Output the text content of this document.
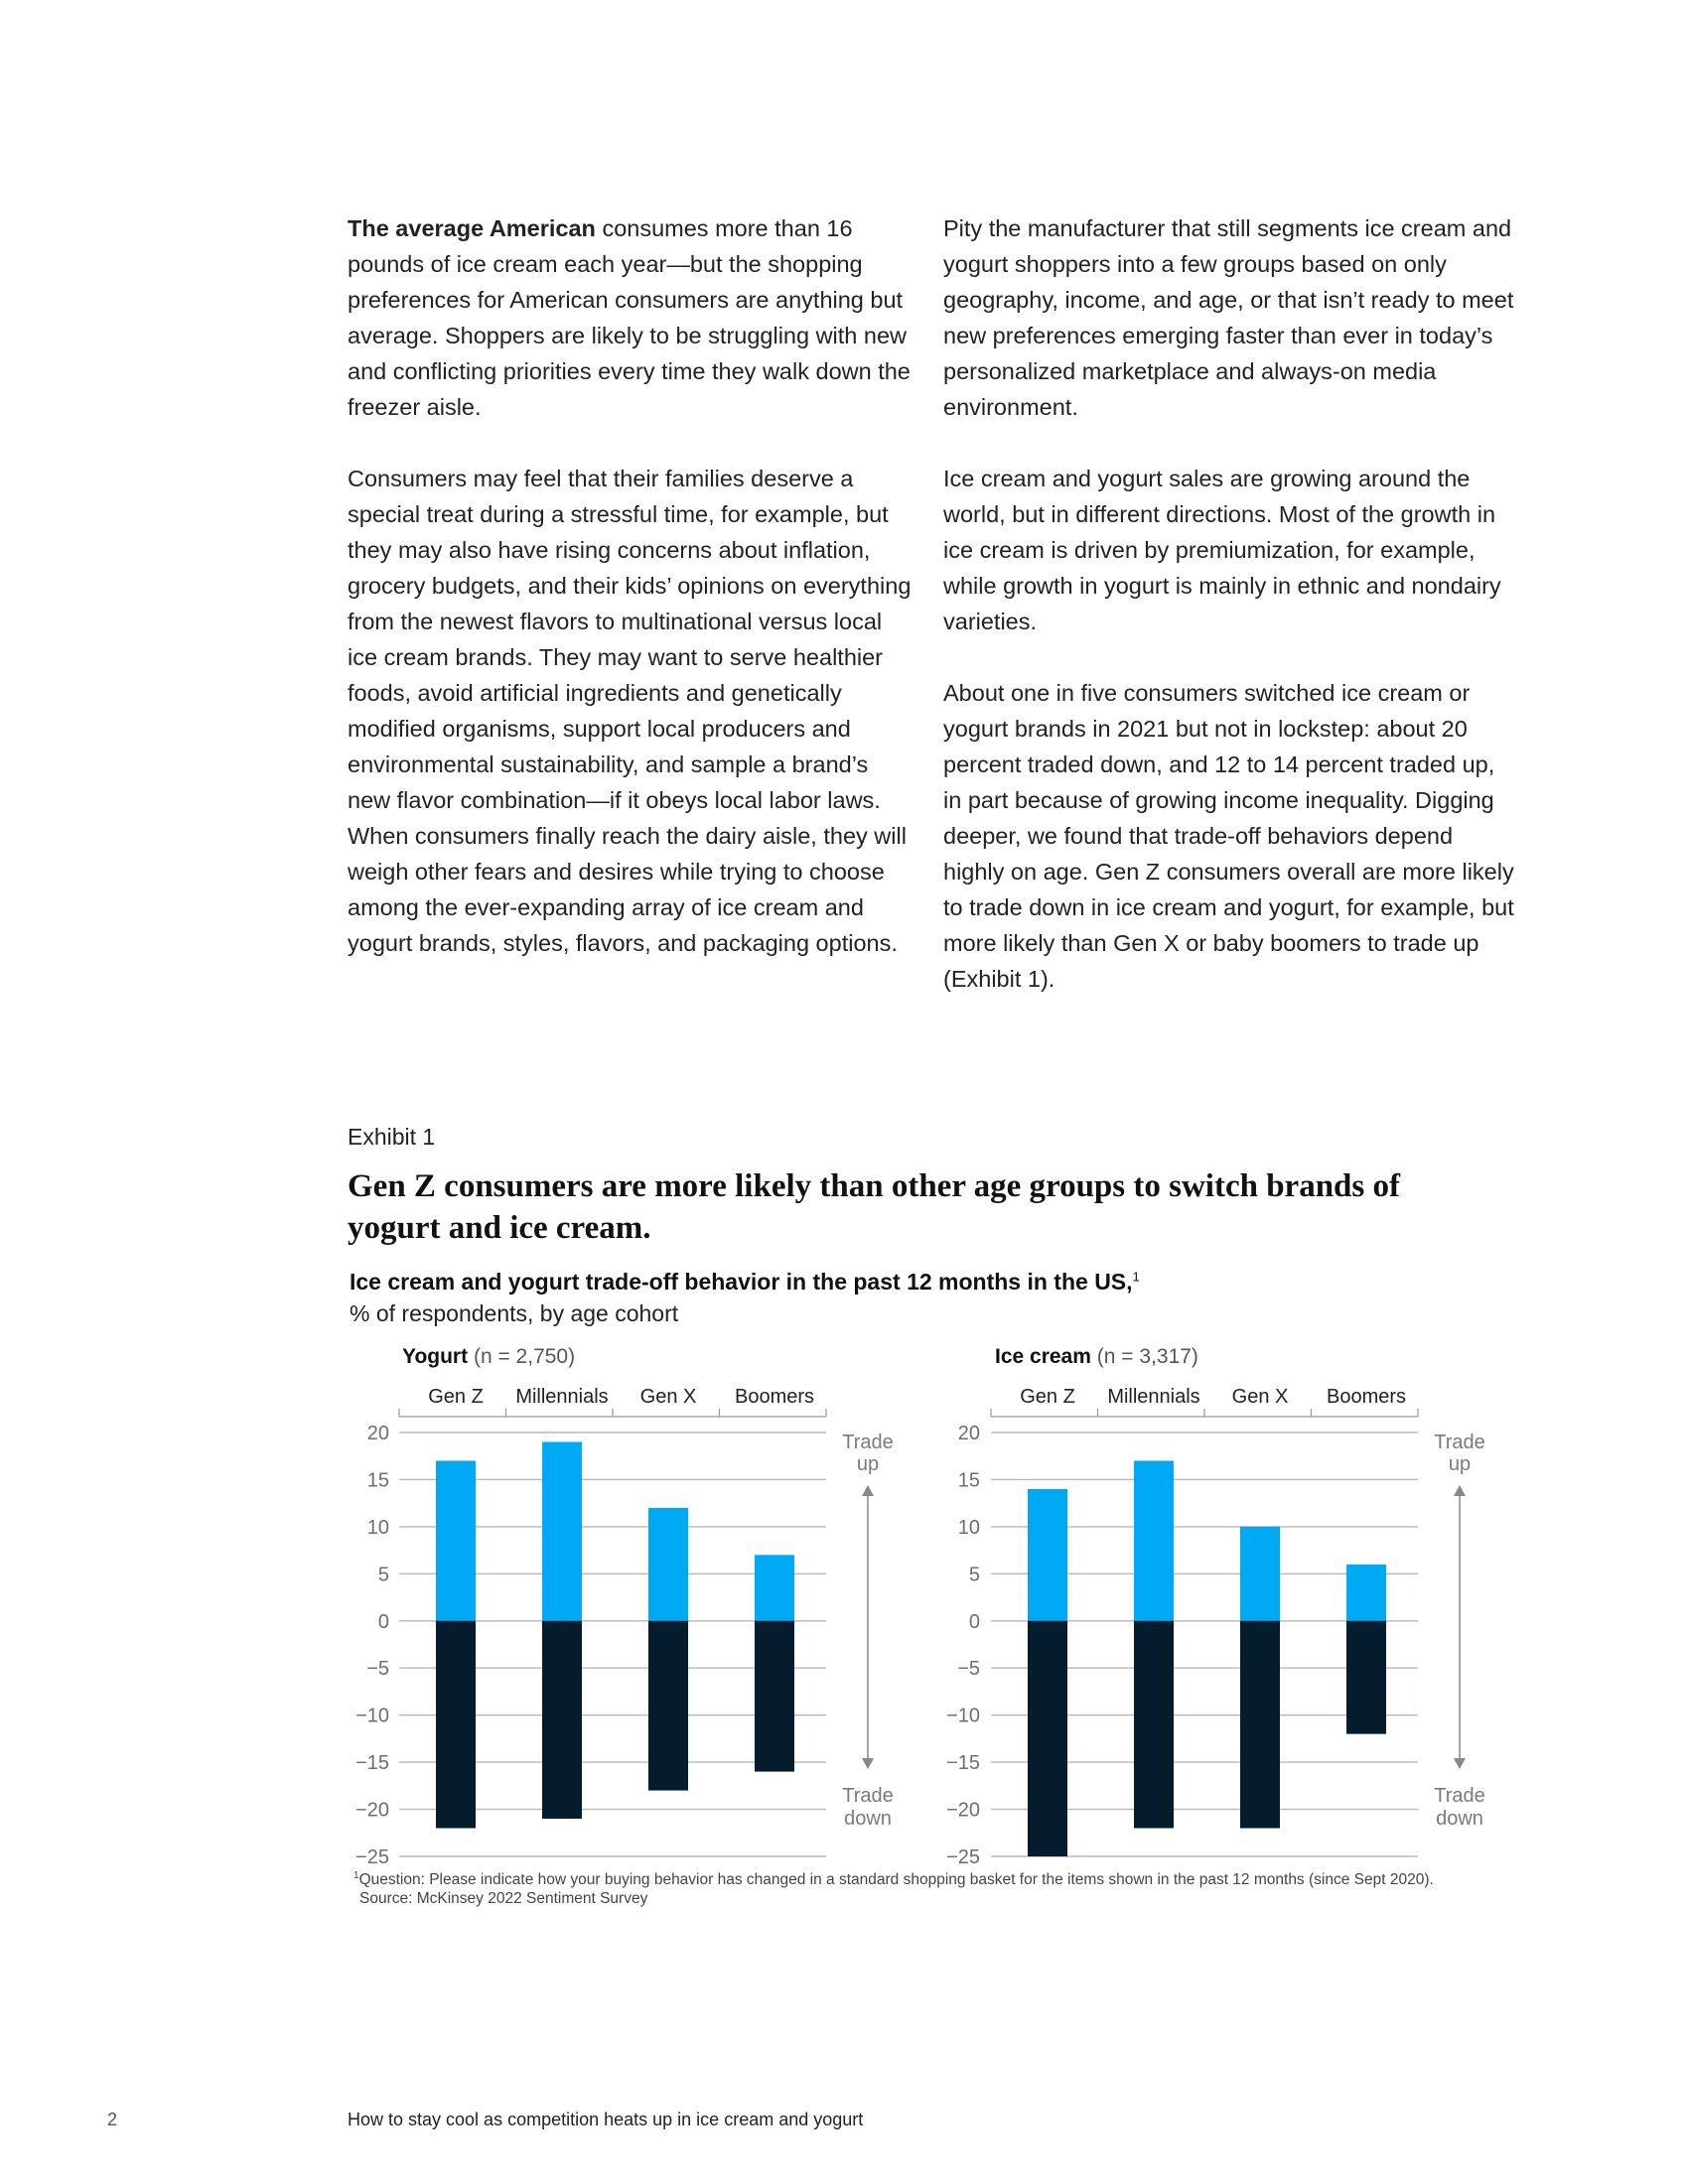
The average American consumes more than 16 pounds of ice cream each year—but the shopping preferences for American consumers are anything but average. Shoppers are likely to be struggling with new and conflicting priorities every time they walk down the freezer aisle.

Consumers may feel that their families deserve a special treat during a stressful time, for example, but they may also have rising concerns about inflation, grocery budgets, and their kids’ opinions on everything from the newest flavors to multinational versus local ice cream brands. They may want to serve healthier foods, avoid artificial ingredients and genetically modified organisms, support local producers and environmental sustainability, and sample a brand’s new flavor combination—if it obeys local labor laws. When consumers finally reach the dairy aisle, they will weigh other fears and desires while trying to choose among the ever-expanding array of ice cream and yogurt brands, styles, flavors, and packaging options.

Pity the manufacturer that still segments ice cream and yogurt shoppers into a few groups based on only geography, income, and age, or that isn’t ready to meet new preferences emerging faster than ever in today’s personalized marketplace and always-on media environment.

Ice cream and yogurt sales are growing around the world, but in different directions. Most of the growth in ice cream is driven by premiumization, for example, while growth in yogurt is mainly in ethnic and nondairy varieties.

About one in five consumers switched ice cream or yogurt brands in 2021 but not in lockstep: about 20 percent traded down, and 12 to 14 percent traded up, in part because of growing income inequality. Digging deeper, we found that trade-off behaviors depend highly on age. Gen Z consumers overall are more likely to trade down in ice cream and yogurt, for example, but more likely than Gen X or baby boomers to trade up (Exhibit 1).

Exhibit 1
Gen Z consumers are more likely than other age groups to switch brands of yogurt and ice cream.
Ice cream and yogurt trade-off behavior in the past 12 months in the US,$^1$
% of respondents, by age cohort
Yogurt (n = 2,750)	Ice cream (n = 3,317)
20
15
10
5
0
−5
−10
−15
−20
−25
Gen Z Millennials Gen X Boomers
Trade
up
Trade
down
20
15
10
5
0
−5
−10
−15
−20
−25
Gen Z Millennials Gen X Boomers
Trade
up
Trade
down
$^1$Question: Please indicate how your buying behavior has changed in a standard shopping basket for the items shown in the past 12 months (since Sept 2020).
Source: McKinsey 2022 Sentiment Survey
2	How to stay cool as competition heats up in ice cream and yogurt
